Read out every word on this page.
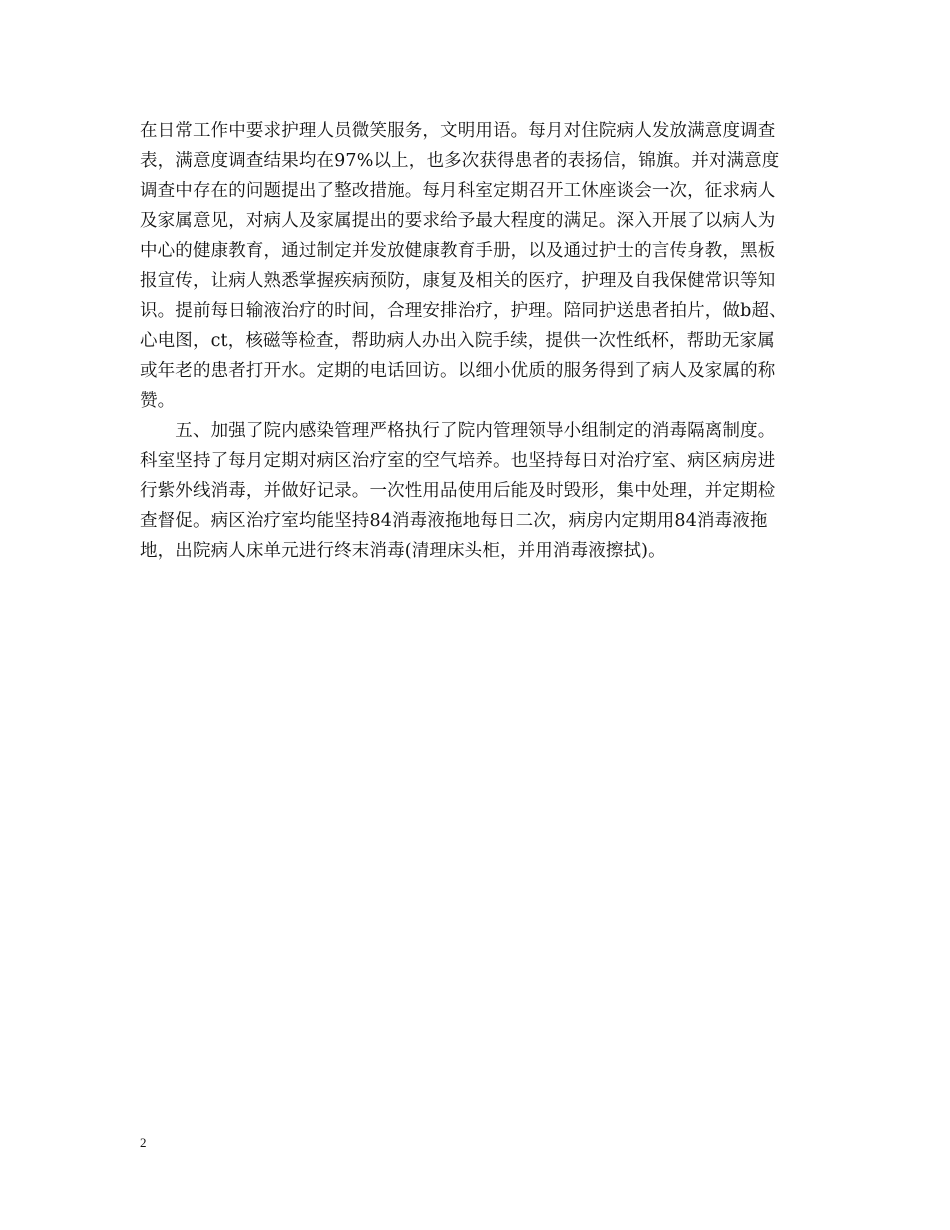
在日常工作中要求护理人员微笑服务，文明用语。每月对住院病人发放满意度调查
表，满意度调查结果均在97%以上，也多次获得患者的表扬信，锦旗。并对满意度
调查中存在的问题提出了整改措施。每月科室定期召开工休座谈会一次，征求病人
及家属意见，对病人及家属提出的要求给予最大程度的满足。深入开展了以病人为
中心的健康教育，通过制定并发放健康教育手册，以及通过护士的言传身教，黑板
报宣传，让病人熟悉掌握疾病预防，康复及相关的医疗，护理及自我保健常识等知
识。提前每日输液治疗的时间，合理安排治疗，护理。陪同护送患者拍片，做b超、
心电图，ct，核磁等检查，帮助病人办出入院手续，提供一次性纸杯，帮助无家属
或年老的患者打开水。定期的电话回访。以细小优质的服务得到了病人及家属的称
赞。
　　五、加强了院内感染管理严格执行了院内管理领导小组制定的消毒隔离制度。
科室坚持了每月定期对病区治疗室的空气培养。也坚持每日对治疗室、病区病房进
行紫外线消毒，并做好记录。一次性用品使用后能及时毁形，集中处理，并定期检
查督促。病区治疗室均能坚持84消毒液拖地每日二次，病房内定期用84消毒液拖
地，出院病人床单元进行终末消毒(清理床头柜，并用消毒液擦拭)。
2
